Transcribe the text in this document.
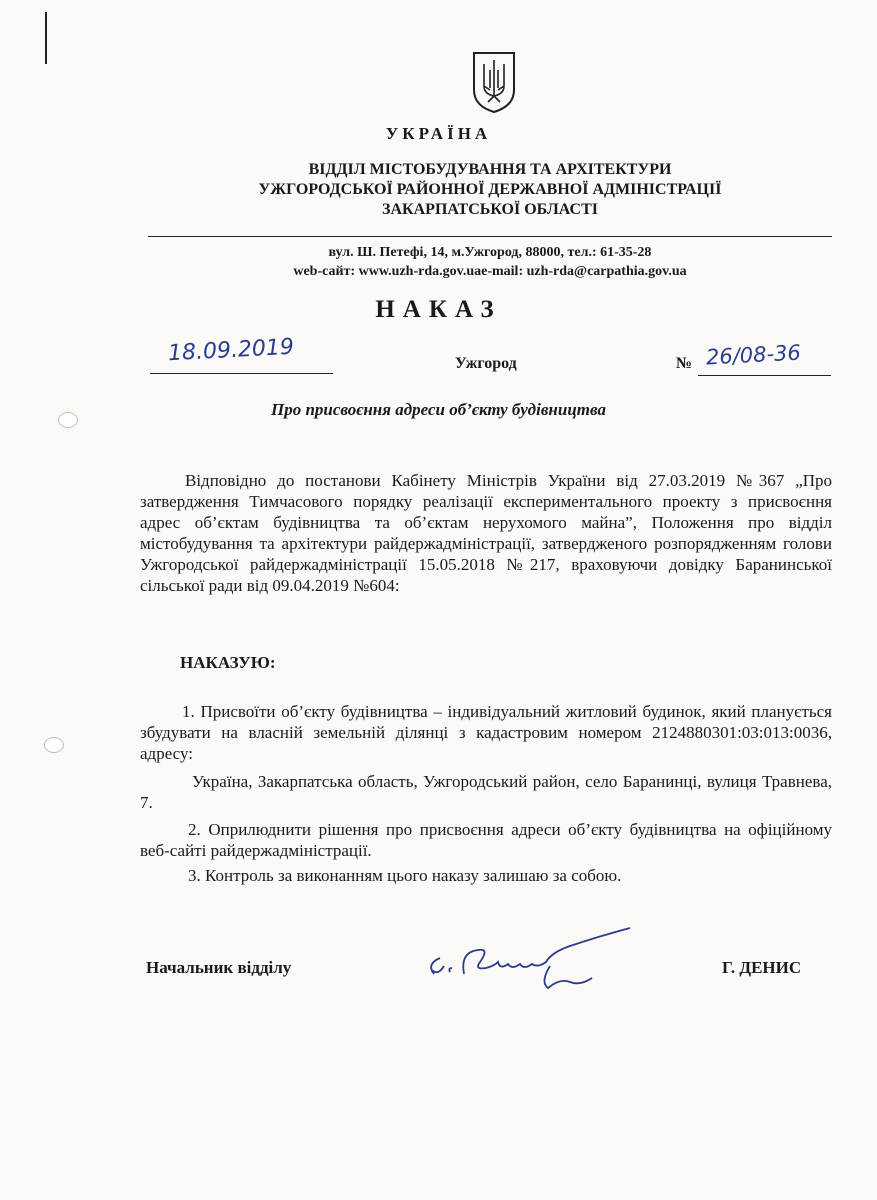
УКРАЇНА
ВІДДІЛ МІСТОБУДУВАННЯ ТА АРХІТЕКТУРИ
УЖГОРОДСЬКОЇ РАЙОННОЇ ДЕРЖАВНОЇ АДМІНІСТРАЦІЇ
ЗАКАРПАТСЬКОЇ ОБЛАСТІ
вул. Ш. Петефі, 14, м.Ужгород, 88000, тел.: 61-35-28
web-сайт: www.uzh-rda.gov.uae-mail: uzh-rda@carpathia.gov.ua
НАКАЗ
18.09.2019	Ужгород	№ 26/08-36
Про присвоєння адреси об’єкту будівництва
Відповідно до постанови Кабінету Міністрів України від 27.03.2019 №367 „Про затвердження Тимчасового порядку реалізації експериментального проекту з присвоєння адрес об’єктам будівництва та об’єктам нерухомого майна”, Положення про відділ містобудування та архітектури райдержадміністрації, затвердженого розпорядженням голови Ужгородської райдержадміністрації 15.05.2018 №217, враховуючи довідку Баранинської сільської ради від 09.04.2019 №604:
НАКАЗУЮ:
1. Присвоїти об’єкту будівництва – індивідуальний житловий будинок, який планується збудувати на власній земельній ділянці з кадастровим номером 2124880301:03:013:0036, адресу:
Україна, Закарпатська область, Ужгородський район, село Баранинці, вулиця Травнева, 7.
2. Оприлюднити рішення про присвоєння адреси об’єкту будівництва на офіційному веб-сайті райдержадміністрації.
3. Контроль за виконанням цього наказу залишаю за собою.
Начальник відділу	Г. ДЕНИС
